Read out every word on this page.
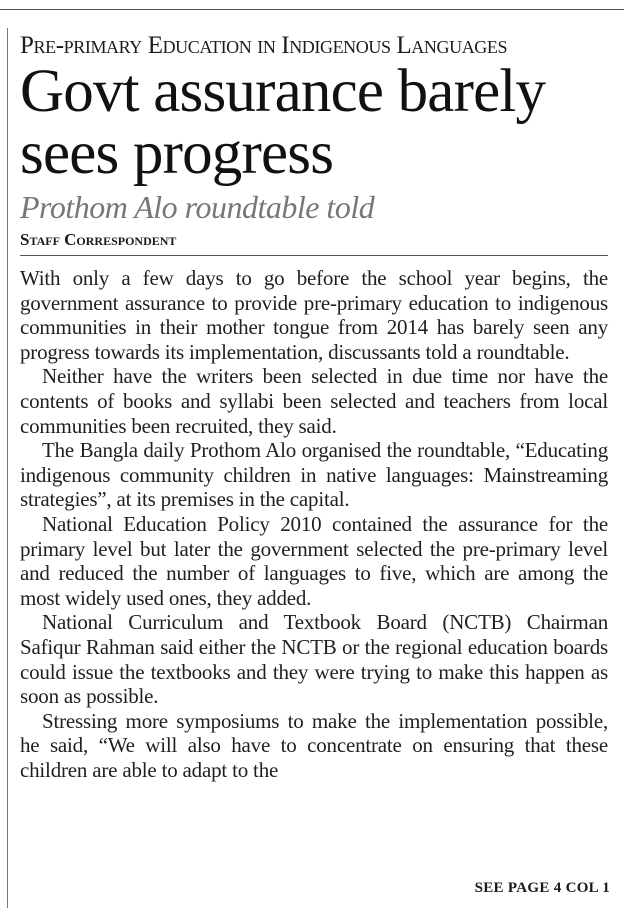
Pre-primary Education in Indigenous Languages
Govt assurance barely
sees progress
Prothom Alo roundtable told
Staff Correspondent

With only a few days to go before the school year begins, the government assurance to provide pre-primary education to indigenous communities in their mother tongue from 2014 has barely seen any progress towards its implementation, discussants told a roundtable.

Neither have the writers been selected in due time nor have the contents of books and syllabi been selected and teachers from local communities been recruited, they said.

The Bangla daily Prothom Alo organised the roundtable, “Educating indigenous community children in native languages: Mainstreaming strategies”, at its premises in the capital.

National Education Policy 2010 contained the assurance for the primary level but later the government selected the pre-primary level and reduced the number of languages to five, which are among the most widely used ones, they added.

National Curriculum and Textbook Board (NCTB) Chairman Safiqur Rahman said either the NCTB or the regional education boards could issue the textbooks and they were trying to make this happen as soon as possible.

Stressing more symposiums to make the implementation possible, he said, “We will also have to concentrate on ensuring that these children are able to adapt to the

SEE PAGE 4 COL 1
